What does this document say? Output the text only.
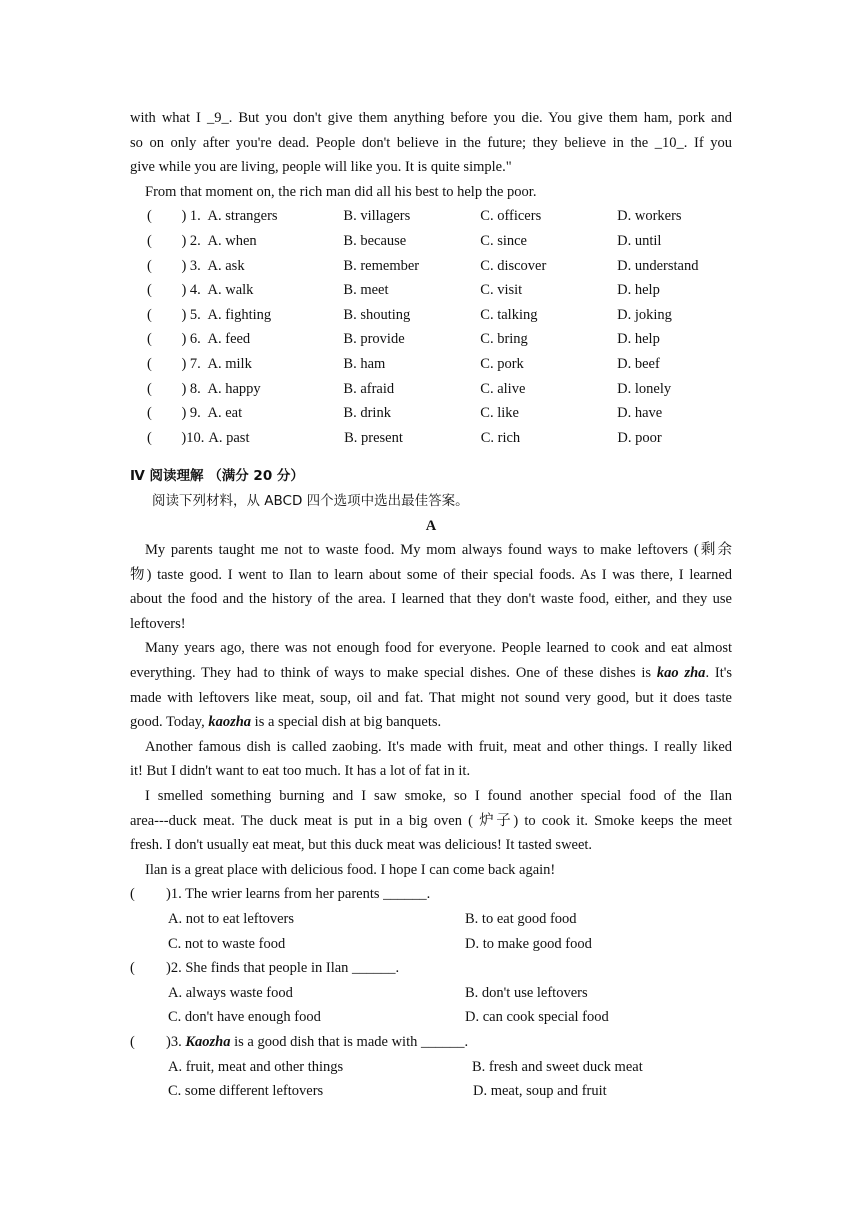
with what I _9_. But you don't give them anything before you die. You give them ham, pork and
so on only after you're dead. People don't believe in the future; they believe in the _10_. If you
give while you are living, people will like you. It is quite simple."
From that moment on, the rich man did all his best to help the poor.
(	) 1. A. strangers	B. villagers	C. officers	D. workers
(	) 2. A. when	B. because	C. since	D. until
(	) 3. A. ask	B. remember	C. discover	D. understand
(	) 4. A. walk	B. meet	C. visit	D. help
(	) 5. A. fighting	B. shouting	C. talking	D. joking
(	) 6. A. feed	B. provide	C. bring	D. help
(	) 7. A. milk	B. ham	C. pork	D. beef
(	) 8. A. happy	B. afraid	C. alive	D. lonely
(	) 9. A. eat	B. drink	C. like	D. have
(	)10. A. past	B. present	C. rich	D. poor
Ⅳ 阅读理解 （满分 20 分）
阅读下列材料，从 ABCD 四个选项中选出最佳答案。
A
My parents taught me not to waste food. My mom always found ways to make leftovers (剩余
物) taste good. I went to Ilan to learn about some of their special foods. As I was there, I learned
about the food and the history of the area. I learned that they don't waste food, either, and they use
leftovers!
Many years ago, there was not enough food for everyone. People learned to cook and eat almost
everything. They had to think of ways to make special dishes. One of these dishes is kao zha. It's
made with leftovers like meat, soup, oil and fat. That might not sound very good, but it does taste
good. Today, kaozha is a special dish at big banquets.
Another famous dish is called zaobing. It's made with fruit, meat and other things. I really liked
it! But I didn't want to eat too much. It has a lot of fat in it.
I smelled something burning and I saw smoke, so I found another special food of the Ilan
area---duck meat. The duck meat is put in a big oven ( 炉子) to cook it. Smoke keeps the meet
fresh. I don't usually eat meat, but this duck meat was delicious! It tasted sweet.
Ilan is a great place with delicious food. I hope I can come back again!
( )1. The wrier learns from her parents ______.
A. not to eat leftovers	B. to eat good food
C. not to waste food	D. to make good food
( )2. She finds that people in Ilan ______.
A. always waste food	B. don't use leftovers
C. don't have enough food	D. can cook special food
( )3. Kaozha is a good dish that is made with ______.
A. fruit, meat and other things	B. fresh and sweet duck meat
C. some different leftovers	D. meat, soup and fruit
